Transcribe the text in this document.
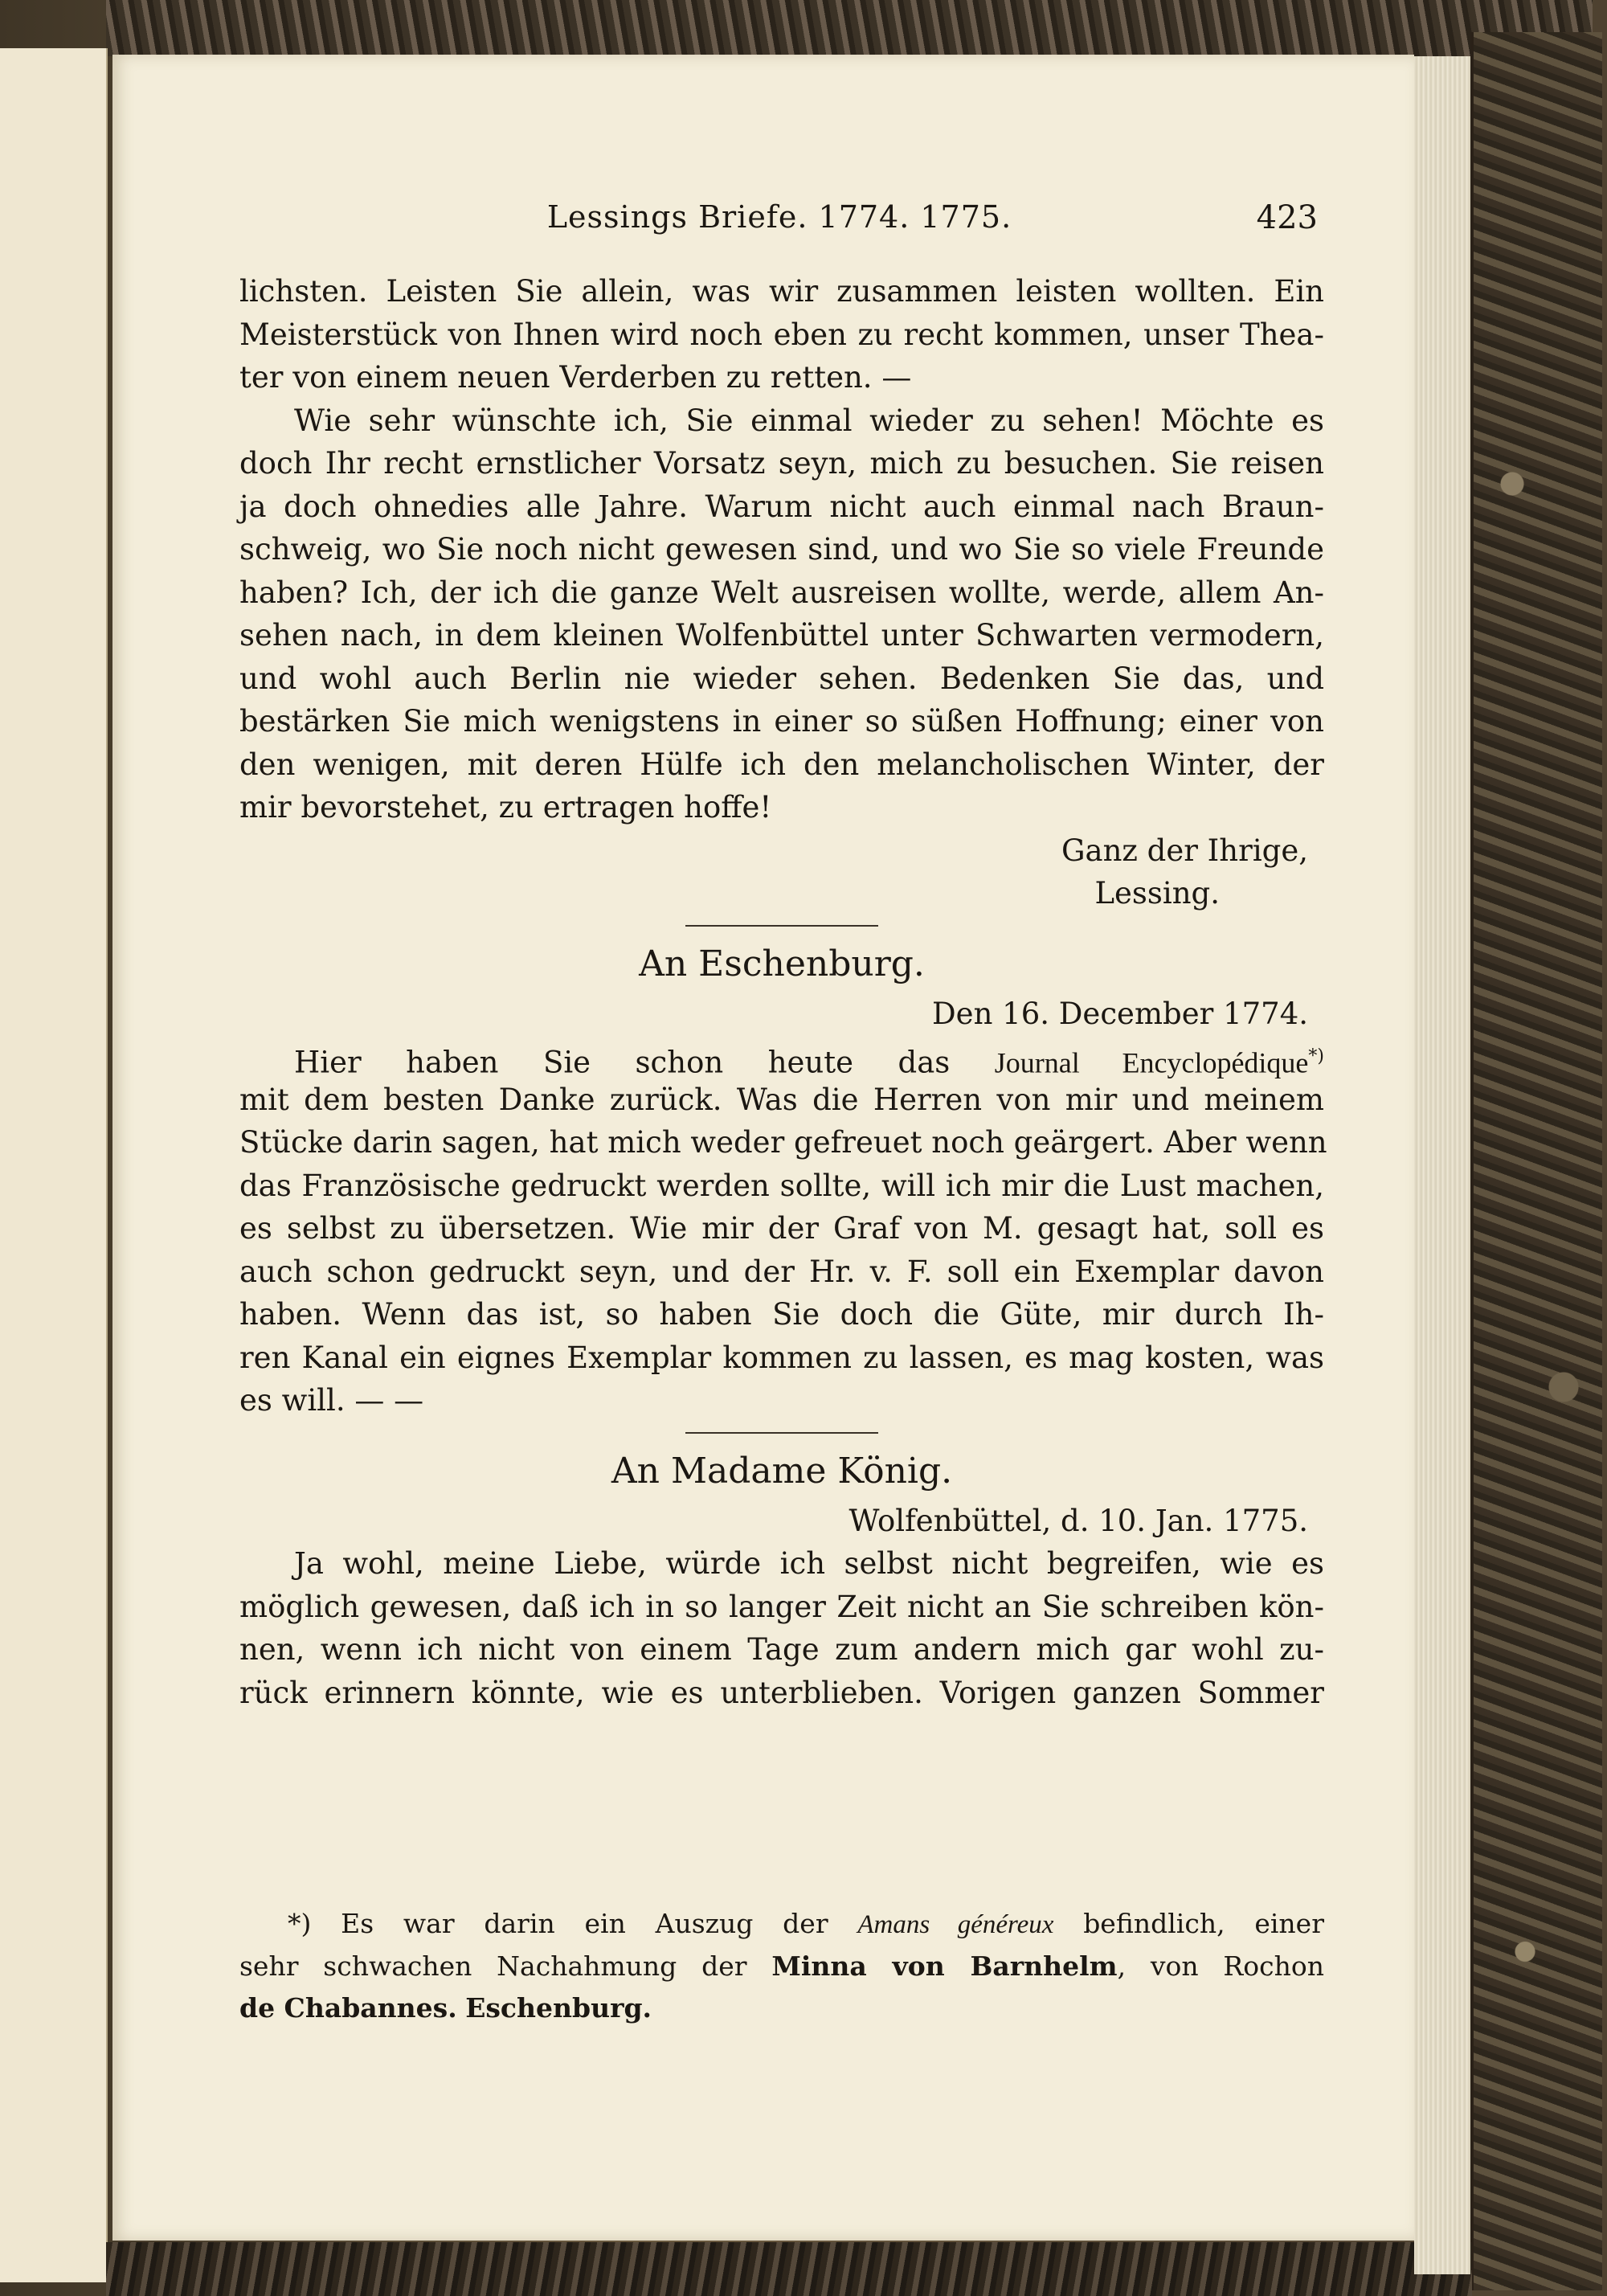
Lessings Briefe. 1774. 1775.	423
lichsten. Leisten Sie allein, was wir zusammen leisten wollten. Ein
Meisterstück von Ihnen wird noch eben zu recht kommen, unser Thea-
ter von einem neuen Verderben zu retten. —
Wie sehr wünschte ich, Sie einmal wieder zu sehen! Möchte es
doch Ihr recht ernstlicher Vorsatz seyn, mich zu besuchen. Sie reisen
ja doch ohnedies alle Jahre. Warum nicht auch einmal nach Braun-
schweig, wo Sie noch nicht gewesen sind, und wo Sie so viele Freunde
haben? Ich, der ich die ganze Welt ausreisen wollte, werde, allem An-
sehen nach, in dem kleinen Wolfenbüttel unter Schwarten vermodern,
und wohl auch Berlin nie wieder sehen. Bedenken Sie das, und
bestärken Sie mich wenigstens in einer so süßen Hoffnung; einer von
den wenigen, mit deren Hülfe ich den melancholischen Winter, der
mir bevorstehet, zu ertragen hoffe!
Ganz der Ihrige,
Lessing.
An Eschenburg.
Den 16. December 1774.
Hier haben Sie schon heute das Journal Encyclopédique*)
mit dem besten Danke zurück. Was die Herren von mir und meinem
Stücke darin sagen, hat mich weder gefreuet noch geärgert. Aber wenn
das Französische gedruckt werden sollte, will ich mir die Lust machen,
es selbst zu übersetzen. Wie mir der Graf von M. gesagt hat, soll es
auch schon gedruckt seyn, und der Hr. v. F. soll ein Exemplar davon
haben. Wenn das ist, so haben Sie doch die Güte, mir durch Ih-
ren Kanal ein eignes Exemplar kommen zu lassen, es mag kosten, was
es will. — —
An Madame König.
Wolfenbüttel, d. 10. Jan. 1775.
Ja wohl, meine Liebe, würde ich selbst nicht begreifen, wie es
möglich gewesen, daß ich in so langer Zeit nicht an Sie schreiben kön-
nen, wenn ich nicht von einem Tage zum andern mich gar wohl zu-
rück erinnern könnte, wie es unterblieben. Vorigen ganzen Sommer
*) Es war darin ein Auszug der Amans généreux befindlich, einer
sehr schwachen Nachahmung der Minna von Barnhelm, von Rochon
de Chabannes. Eschenburg.
